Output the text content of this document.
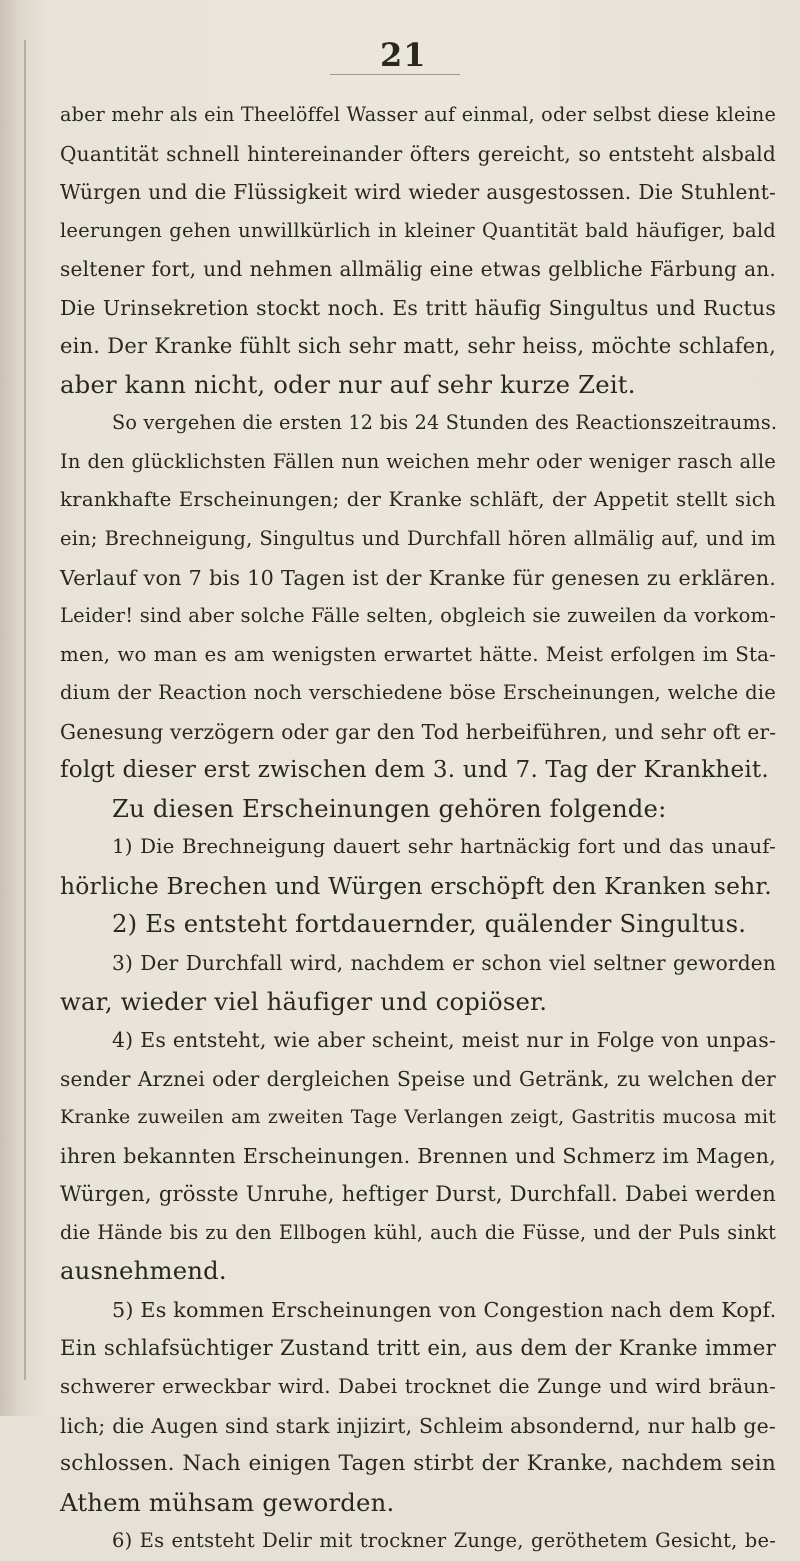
21
aber mehr als ein Theelöffel Wasser auf einmal, oder selbst diese kleine
Quantität schnell hintereinander öfters gereicht, so entsteht alsbald
Würgen und die Flüssigkeit wird wieder ausgestossen. Die Stuhlent-
leerungen gehen unwillkürlich in kleiner Quantität bald häufiger, bald
seltener fort, und nehmen allmälig eine etwas gelbliche Färbung an.
Die Urinsekretion stockt noch. Es tritt häufig Singultus und Ructus
ein. Der Kranke fühlt sich sehr matt, sehr heiss, möchte schlafen,
aber kann nicht, oder nur auf sehr kurze Zeit.
So vergehen die ersten 12 bis 24 Stunden des Reactionszeitraums.
In den glücklichsten Fällen nun weichen mehr oder weniger rasch alle
krankhafte Erscheinungen; der Kranke schläft, der Appetit stellt sich
ein; Brechneigung, Singultus und Durchfall hören allmälig auf, und im
Verlauf von 7 bis 10 Tagen ist der Kranke für genesen zu erklären.
Leider! sind aber solche Fälle selten, obgleich sie zuweilen da vorkom-
men, wo man es am wenigsten erwartet hätte. Meist erfolgen im Sta-
dium der Reaction noch verschiedene böse Erscheinungen, welche die
Genesung verzögern oder gar den Tod herbeiführen, und sehr oft er-
folgt dieser erst zwischen dem 3. und 7. Tag der Krankheit.
Zu diesen Erscheinungen gehören folgende:
1) Die Brechneigung dauert sehr hartnäckig fort und das unauf-
hörliche Brechen und Würgen erschöpft den Kranken sehr.
2) Es entsteht fortdauernder, quälender Singultus.
3) Der Durchfall wird, nachdem er schon viel seltner geworden
war, wieder viel häufiger und copiöser.
4) Es entsteht, wie aber scheint, meist nur in Folge von unpas-
sender Arznei oder dergleichen Speise und Getränk, zu welchen der
Kranke zuweilen am zweiten Tage Verlangen zeigt, Gastritis mucosa mit
ihren bekannten Erscheinungen. Brennen und Schmerz im Magen,
Würgen, grösste Unruhe, heftiger Durst, Durchfall. Dabei werden
die Hände bis zu den Ellbogen kühl, auch die Füsse, und der Puls sinkt
ausnehmend.
5) Es kommen Erscheinungen von Congestion nach dem Kopf.
Ein schlafsüchtiger Zustand tritt ein, aus dem der Kranke immer
schwerer erweckbar wird. Dabei trocknet die Zunge und wird bräun-
lich; die Augen sind stark injizirt, Schleim absondernd, nur halb ge-
schlossen. Nach einigen Tagen stirbt der Kranke, nachdem sein
Athem mühsam geworden.
6) Es entsteht Delir mit trockner Zunge, geröthetem Gesicht, be-
